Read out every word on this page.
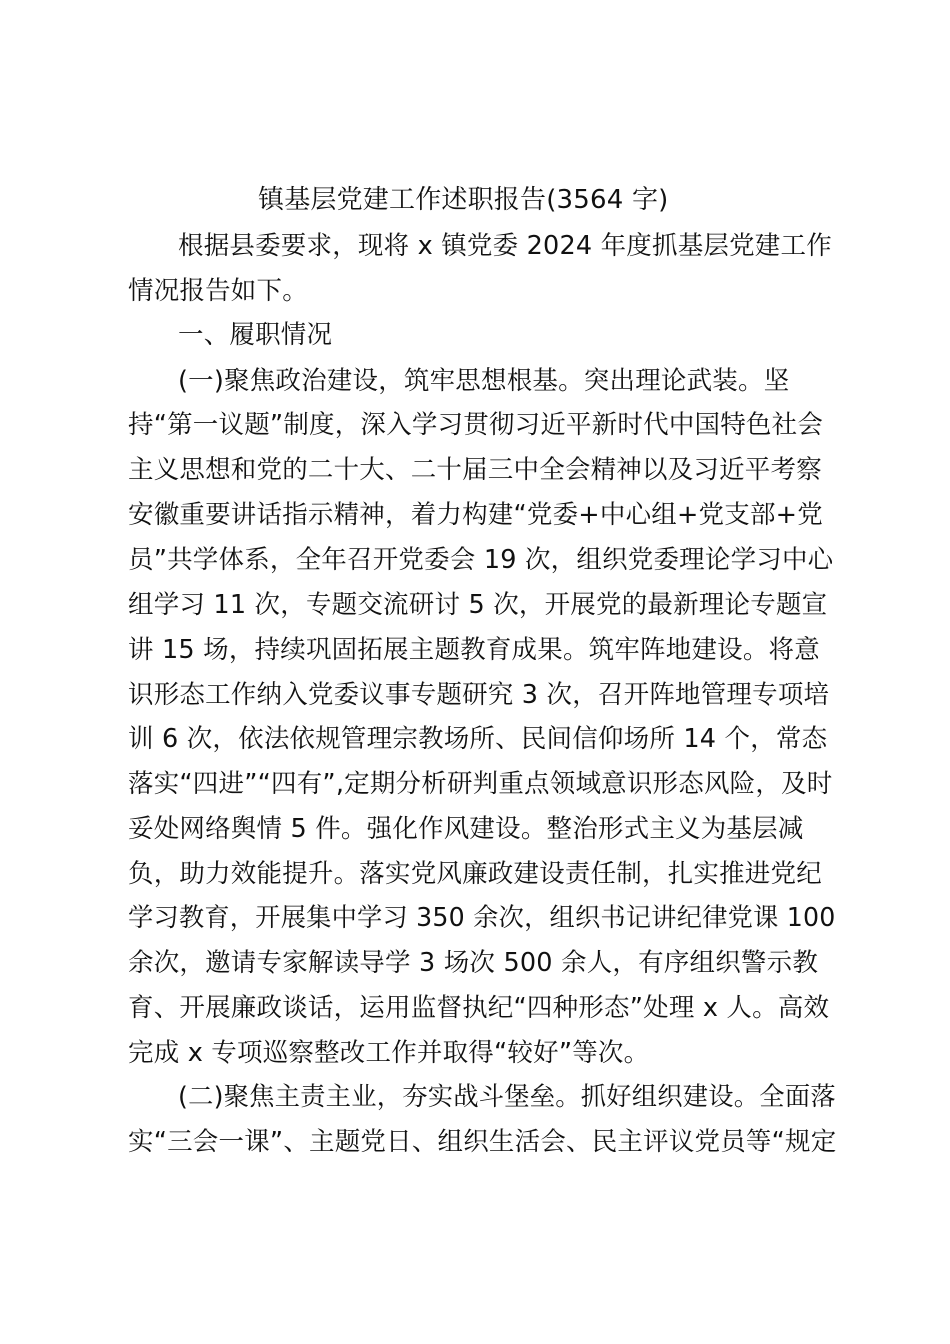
镇基层党建工作述职报告(3564 字)
根据县委要求，现将 x 镇党委 2024 年度抓基层党建工作
情况报告如下。
一、履职情况
(一)聚焦政治建设，筑牢思想根基。突出理论武装。坚
持“第一议题”制度，深入学习贯彻习近平新时代中国特色社会
主义思想和党的二十大、二十届三中全会精神以及习近平考察
安徽重要讲话指示精神，着力构建“党委+中心组+党支部+党
员”共学体系，全年召开党委会 19 次，组织党委理论学习中心
组学习 11 次，专题交流研讨 5 次，开展党的最新理论专题宣
讲 15 场，持续巩固拓展主题教育成果。筑牢阵地建设。将意
识形态工作纳入党委议事专题研究 3 次，召开阵地管理专项培
训 6 次，依法依规管理宗教场所、民间信仰场所 14 个，常态
落实“四进”“四有”,定期分析研判重点领域意识形态风险，及时
妥处网络舆情 5 件。强化作风建设。整治形式主义为基层减
负，助力效能提升。落实党风廉政建设责任制，扎实推进党纪
学习教育，开展集中学习 350 余次，组织书记讲纪律党课 100
余次，邀请专家解读导学 3 场次 500 余人，有序组织警示教
育、开展廉政谈话，运用监督执纪“四种形态”处理 x 人。高效
完成 x 专项巡察整改工作并取得“较好”等次。
(二)聚焦主责主业，夯实战斗堡垒。抓好组织建设。全面落
实“三会一课”、主题党日、组织生活会、民主评议党员等“规定
